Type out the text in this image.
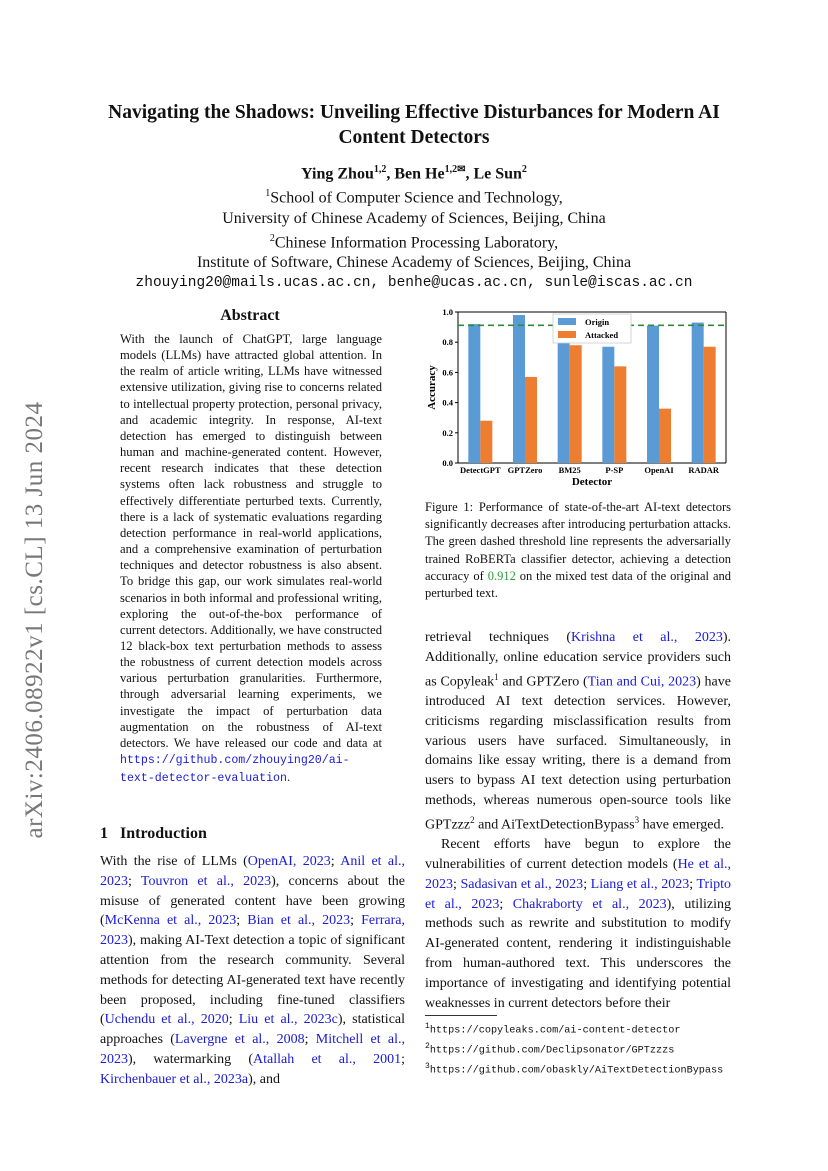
arXiv:2406.08922v1 [cs.CL] 13 Jun 2024
Navigating the Shadows: Unveiling Effective Disturbances for Modern AI
Content Detectors
Ying Zhou$^{1,2}$, Ben $He^{1,2✉}$, Le Sun$^2$
$^1$School of Computer Science and Technology,
University of Chinese Academy of Sciences, Beijing, China
$^2$Chinese Information Processing Laboratory,
Institute of Software, Chinese Academy of Sciences, Beijing, China
zhouying20@mails.ucas.ac.cn, benhe@ucas.ac.cn, sunle@iscas.ac.cn
Abstract
With the launch of ChatGPT, large language models (LLMs) have attracted global attention. In the realm of article writing, LLMs have witnessed extensive utilization, giving rise to concerns related to intellectual property protection, personal privacy, and academic integrity. In response, AI-text detection has emerged to distinguish between human and machine-generated content. However, recent research indicates that these detection systems often lack robustness and struggle to effectively differentiate perturbed texts. Currently, there is a lack of systematic evaluations regarding detection performance in real-world applications, and a comprehensive examination of perturbation techniques and detector robustness is also absent. To bridge this gap, our work simulates real-world scenarios in both informal and professional writing, exploring the out-of-the-box performance of current detectors. Additionally, we have constructed 12 black-box text perturbation methods to assess the robustness of current detection models across various perturbation granularities. Furthermore, through adversarial learning experiments, we investigate the impact of perturbation data augmentation on the robustness of AI-text detectors. We have released our code and data at https://github.com/zhouying20/ai-text-detector-evaluation.
1 Introduction
With the rise of LLMs (OpenAI, 2023; Anil et al., 2023; Touvron et al., 2023), concerns about the misuse of generated content have been growing (McKenna et al., 2023; Bian et al., 2023; Ferrara, 2023), making AI-Text detection a topic of significant attention from the research community. Several methods for detecting AI-generated text have recently been proposed, including fine-tuned classifiers (Uchendu et al., 2020; Liu et al., 2023c), statistical approaches (Lavergne et al., 2008; Mitchell et al., 2023), watermarking (Atallah et al., 2001; Kirchenbauer et al., 2023a), and
0.0
0.2
0.4
0.6
0.8
1.0
DetectGPT GPTZero BM25	P-SP OpenAI RADAR
Detector
Accuracy
Origin
Attacked
Figure 1: Performance of state-of-the-art AI-text detectors significantly decreases after introducing perturbation attacks. The green dashed threshold line represents the adversarially trained RoBERTa classifier detector, achieving a detection accuracy of 0.912 on the mixed test data of the original and perturbed text.

retrieval techniques (Krishna et al., 2023). Additionally, online education service providers such as Copyleak$^1$ and GPTZero (Tian and Cui, 2023) have introduced AI text detection services. However, criticisms regarding misclassification results from various users have surfaced. Simultaneously, in domains like essay writing, there is a demand from users to bypass AI text detection using perturbation methods, whereas numerous open-source tools like GPTzzz$^2$ and AiTextDetectionBypass$^3$ have emerged.

Recent efforts have begun to explore the vulnerabilities of current detection models (He et al., 2023; Sadasivan et al., 2023; Liang et al., 2023; Tripto et al., 2023; Chakraborty et al., 2023), utilizing methods such as rewrite and substitution to modify AI-generated content, rendering it indistinguishable from human-authored text. This underscores the importance of investigating and identifying potential weaknesses in current detectors before their

$^1$https://copyleaks.com/ai-content-detector
$^2$https://github.com/Declipsonator/GPTzzzs
$^3$https://github.com/obaskly/AiTextDetectionBypass
